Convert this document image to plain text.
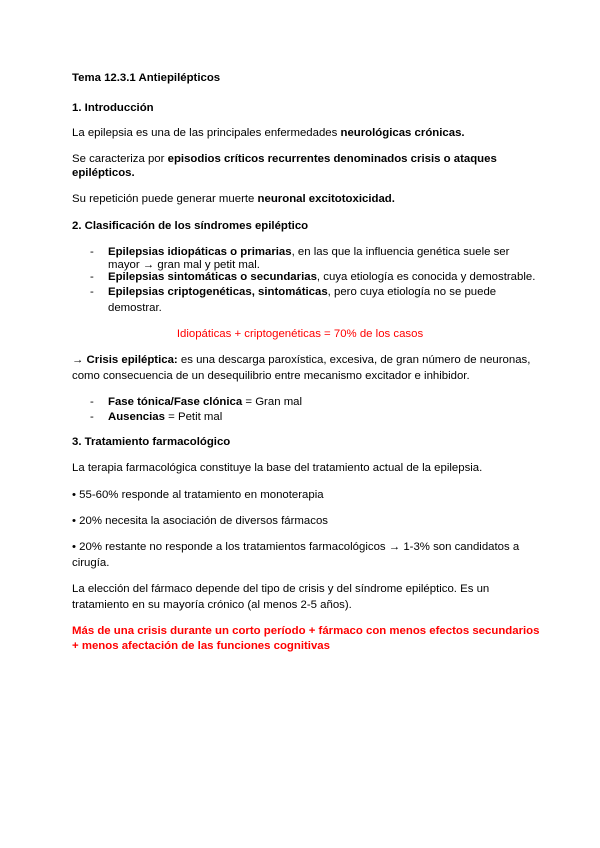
Tema 12.3.1 Antiepilépticos
1. Introducción
La epilepsia es una de las principales enfermedades neurológicas crónicas.
Se caracteriza por episodios críticos recurrentes denominados crisis o ataques
epilépticos.
Su repetición puede generar muerte neuronal excitotoxicidad.
2. Clasificación de los síndromes epiléptico
- Epilepsias idiopáticas o primarias, en las que la influencia genética suele ser
mayor → gran mal y petit mal.
- Epilepsias sintomáticas o secundarias, cuya etiología es conocida y demostrable.
- Epilepsias criptogenéticas, sintomáticas, pero cuya etiología no se puede
demostrar.
Idiopáticas + criptogenéticas = 70% de los casos
→ Crisis epiléptica: es una descarga paroxística, excesiva, de gran número de neuronas,
como consecuencia de un desequilibrio entre mecanismo excitador e inhibidor.
- Fase tónica/Fase clónica = Gran mal
- Ausencias = Petit mal
3. Tratamiento farmacológico
La terapia farmacológica constituye la base del tratamiento actual de la epilepsia.
• 55-60% responde al tratamiento en monoterapia
• 20% necesita la asociación de diversos fármacos
• 20% restante no responde a los tratamientos farmacológicos → 1-3% son candidatos a
cirugía.
La elección del fármaco depende del tipo de crisis y del síndrome epiléptico. Es un
tratamiento en su mayoría crónico (al menos 2-5 años).
Más de una crisis durante un corto período + fármaco con menos efectos secundarios
+ menos afectación de las funciones cognitivas
